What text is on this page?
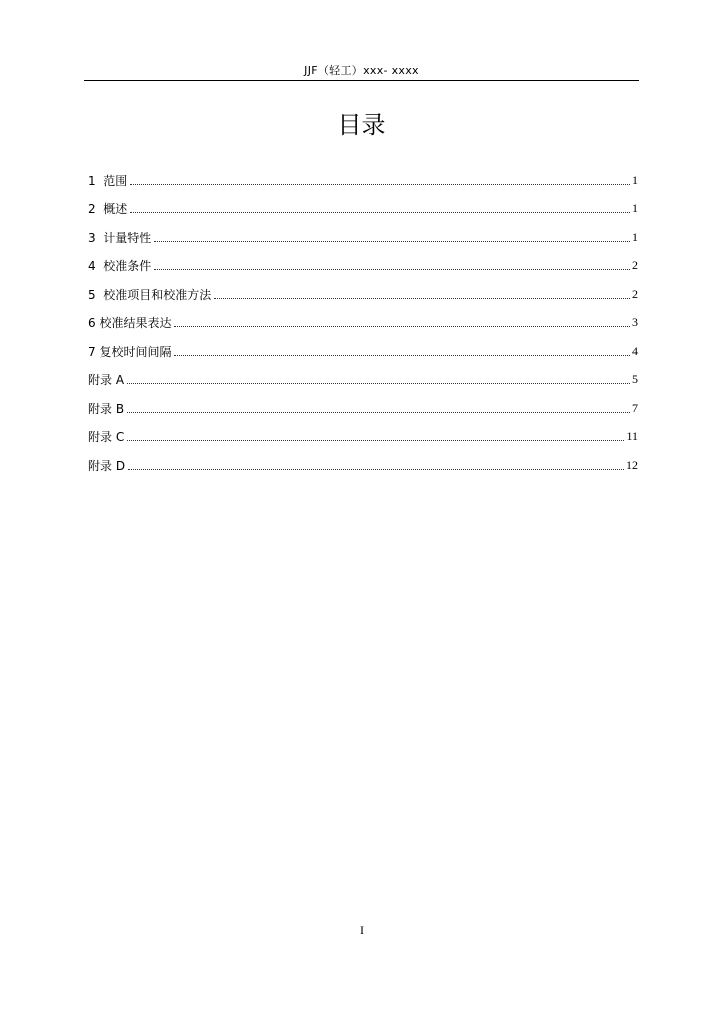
JJF（轻工）xxx- xxxx
目录
1  范围	1
2  概述	1
3  计量特性	1
4  校准条件	2
5  校准项目和校准方法	2
6 校准结果表达	3
7 复校时间间隔	4
附录 A	5
附录 B	7
附录 C	11
附录 D	12
I
